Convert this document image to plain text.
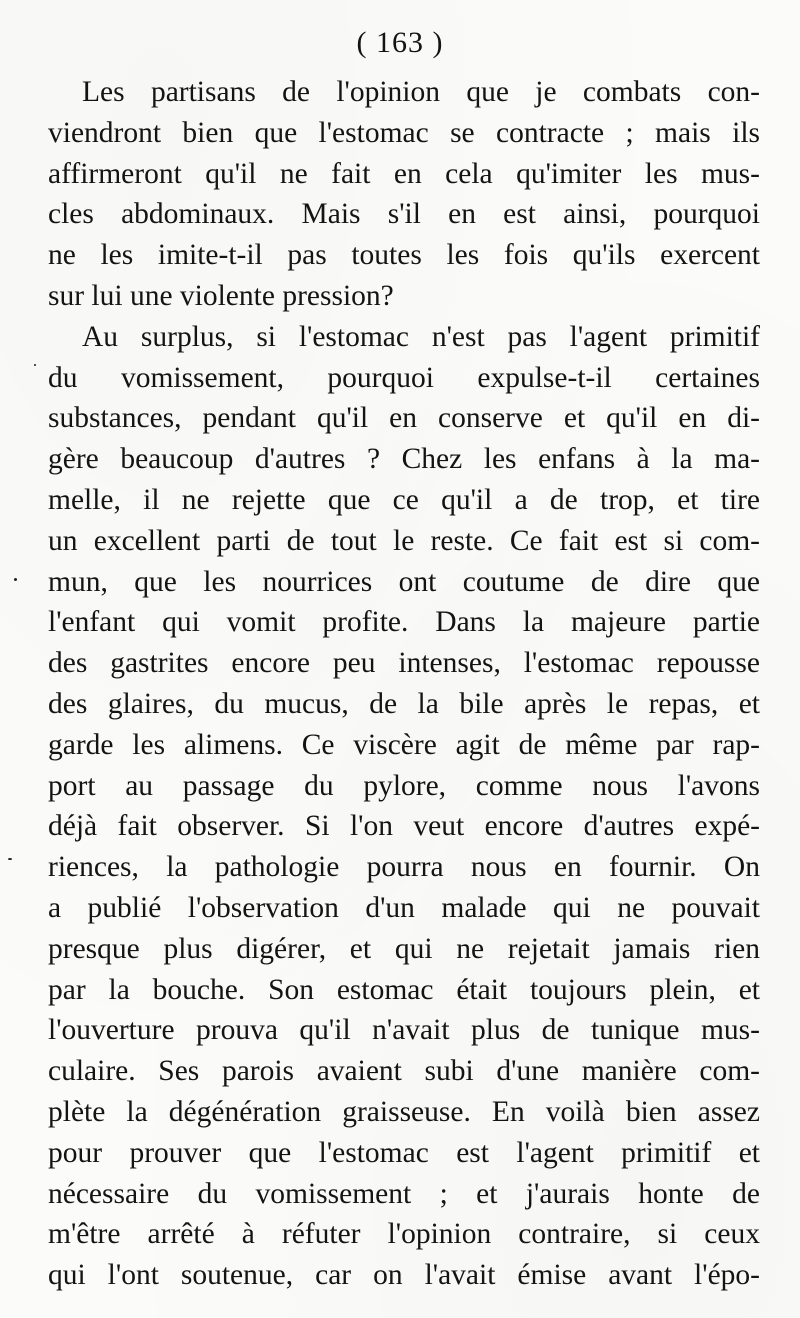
( 163 )
Les partisans de l'opinion que je combats con-
viendront bien que l'estomac se contracte ; mais ils
affirmeront qu'il ne fait en cela qu'imiter les mus-
cles abdominaux. Mais s'il en est ainsi, pourquoi
ne les imite-t-il pas toutes les fois qu'ils exercent
sur lui une violente pression?
Au surplus, si l'estomac n'est pas l'agent primitif
du vomissement, pourquoi expulse-t-il certaines
substances, pendant qu'il en conserve et qu'il en di-
gère beaucoup d'autres ? Chez les enfans à la ma-
melle, il ne rejette que ce qu'il a de trop, et tire
un excellent parti de tout le reste. Ce fait est si com-
mun, que les nourrices ont coutume de dire que
l'enfant qui vomit profite. Dans la majeure partie
des gastrites encore peu intenses, l'estomac repousse
des glaires, du mucus, de la bile après le repas, et
garde les alimens. Ce viscère agit de même par rap-
port au passage du pylore, comme nous l'avons
déjà fait observer. Si l'on veut encore d'autres expé-
riences, la pathologie pourra nous en fournir. On
a publié l'observation d'un malade qui ne pouvait
presque plus digérer, et qui ne rejetait jamais rien
par la bouche. Son estomac était toujours plein, et
l'ouverture prouva qu'il n'avait plus de tunique mus-
culaire. Ses parois avaient subi d'une manière com-
plète la dégénération graisseuse. En voilà bien assez
pour prouver que l'estomac est l'agent primitif et
nécessaire du vomissement ; et j'aurais honte de
m'être arrêté à réfuter l'opinion contraire, si ceux
qui l'ont soutenue, car on l'avait émise avant l'épo-
